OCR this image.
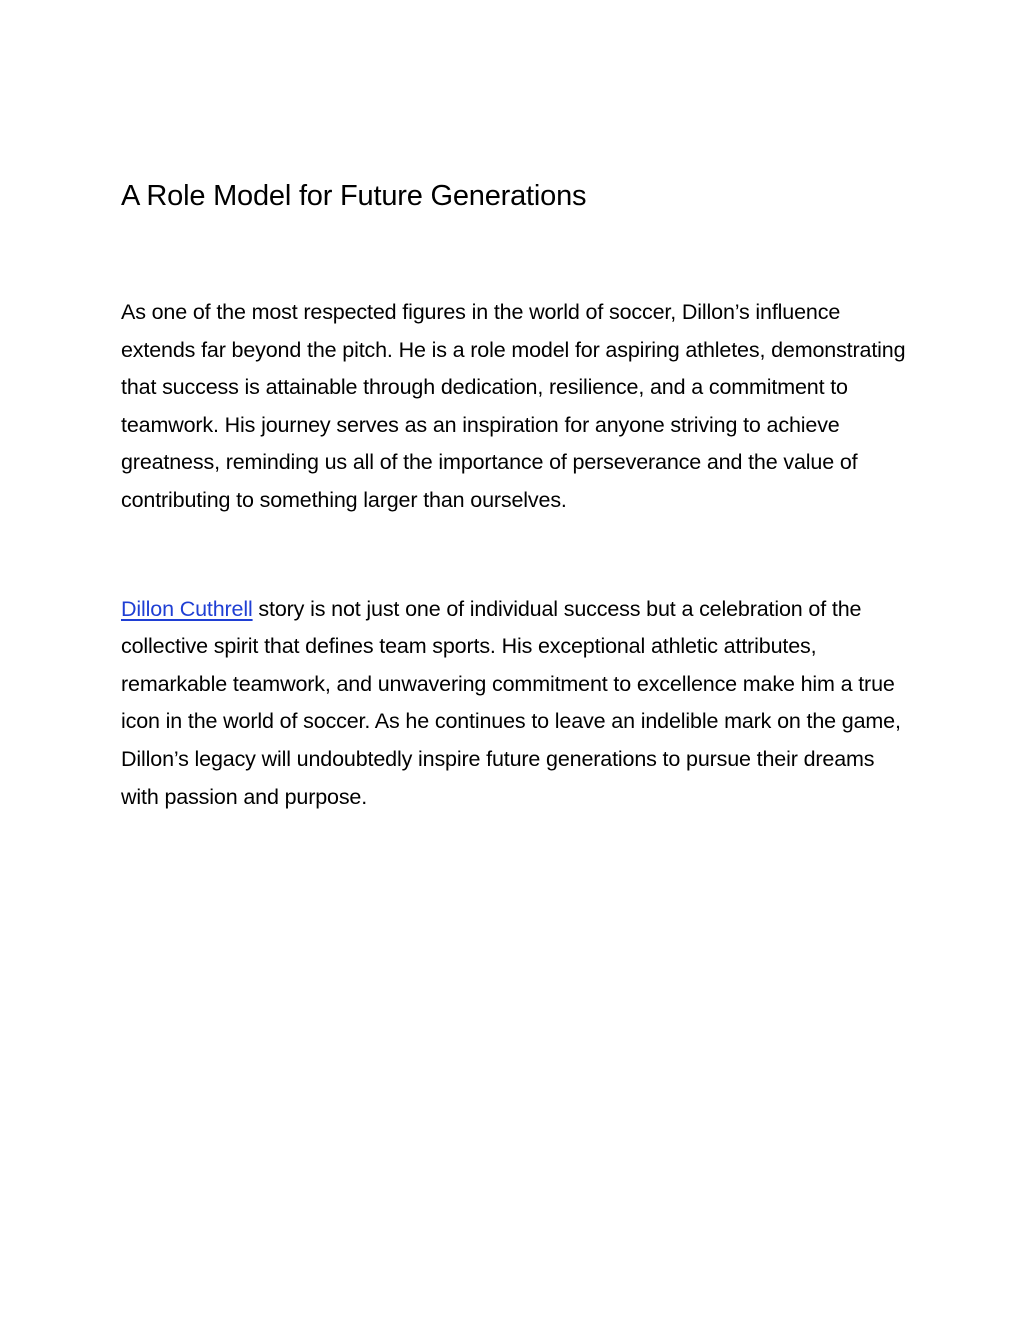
A Role Model for Future Generations

As one of the most respected figures in the world of soccer, Dillon’s influence extends far beyond the pitch. He is a role model for aspiring athletes, demonstrating that success is attainable through dedication, resilience, and a commitment to teamwork. His journey serves as an inspiration for anyone striving to achieve greatness, reminding us all of the importance of perseverance and the value of contributing to something larger than ourselves.

Dillon Cuthrell story is not just one of individual success but a celebration of the collective spirit that defines team sports. His exceptional athletic attributes, remarkable teamwork, and unwavering commitment to excellence make him a true icon in the world of soccer. As he continues to leave an indelible mark on the game, Dillon’s legacy will undoubtedly inspire future generations to pursue their dreams with passion and purpose.
